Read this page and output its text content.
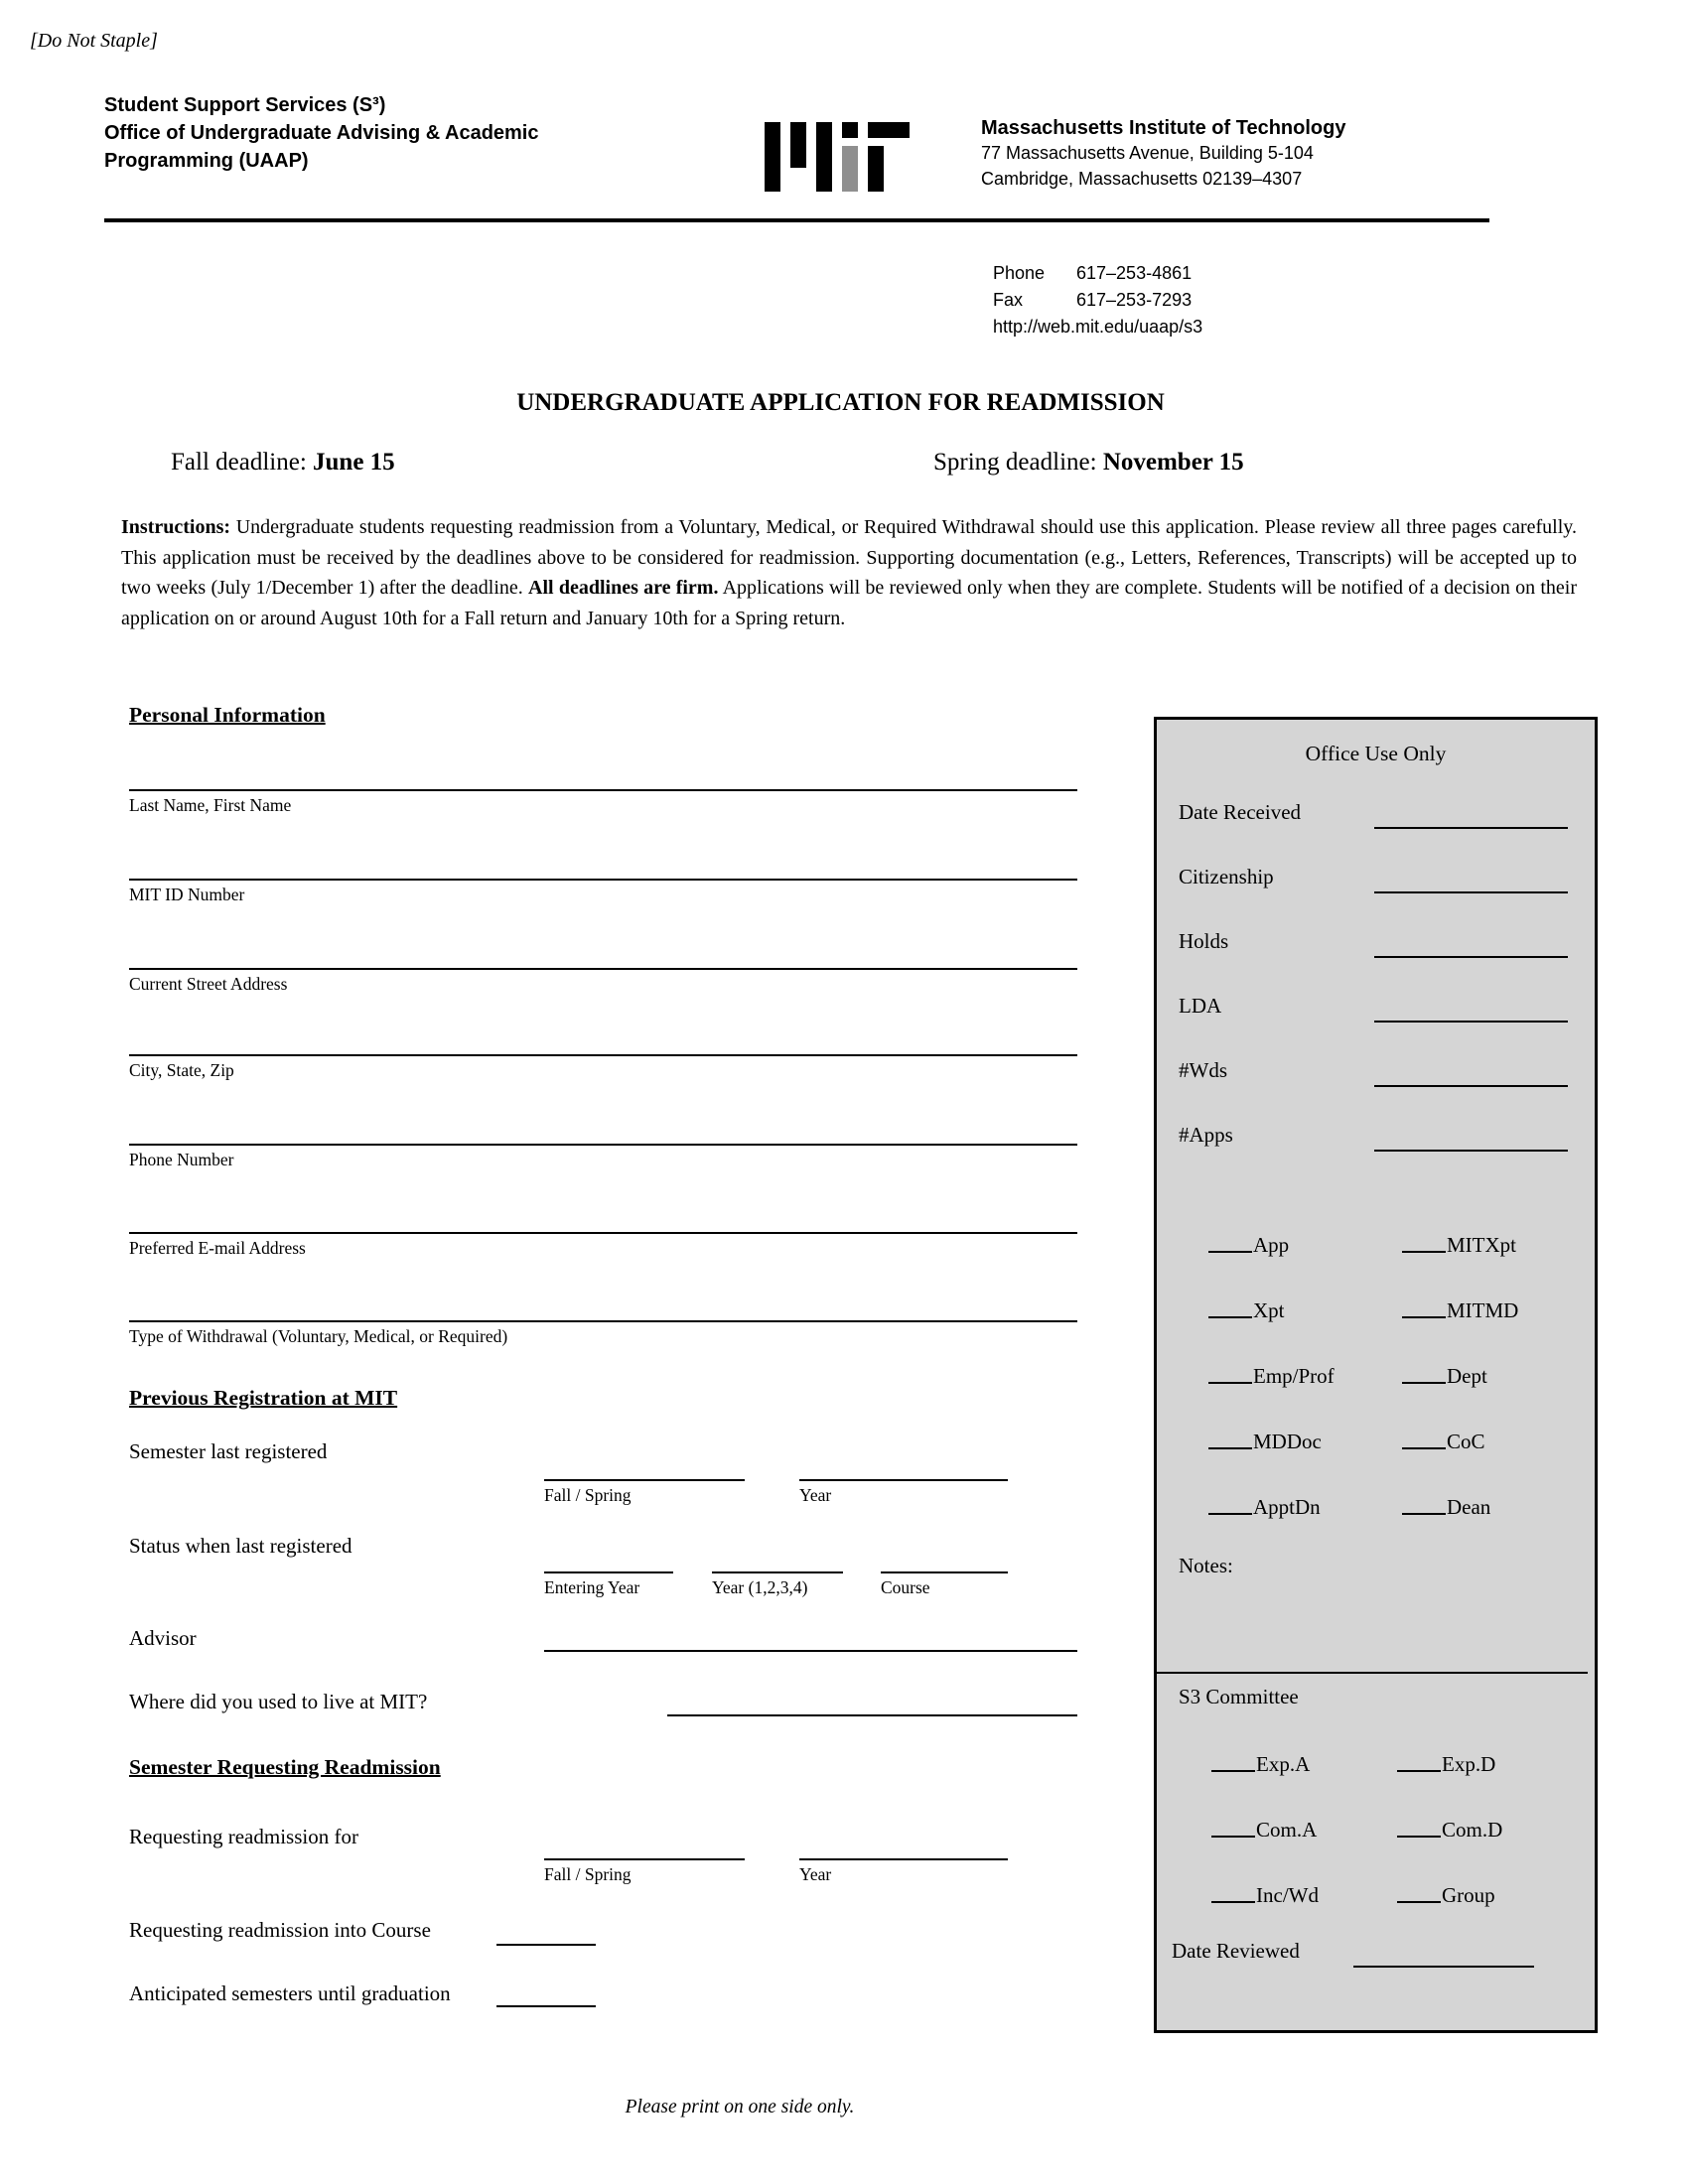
[Do Not Staple]
Student Support Services (S³)
Office of Undergraduate Advising & Academic
Programming (UAAP)
Massachusetts Institute of Technology
77 Massachusetts Avenue, Building 5-104
Cambridge, Massachusetts 02139–4307
Phone 617–253-4861
Fax	617–253-7293
http://web.mit.edu/uaap/s3
UNDERGRADUATE APPLICATION FOR READMISSION
Fall deadline: June 15	Spring deadline: November 15
Instructions: Undergraduate students requesting readmission from a Voluntary, Medical, or Required Withdrawal should use this application. Please review all three pages carefully. This application must be received by the deadlines above to be considered for readmission. Supporting documentation (e.g., Letters, References, Transcripts) will be accepted up to two weeks (July 1/December 1) after the deadline. All deadlines are firm. Applications will be reviewed only when they are complete. Students will be notified of a decision on their application on or around August 10th for a Fall return and January 10th for a Spring return.
Personal Information
Last Name, First Name
MIT ID Number
Current Street Address
City, State, Zip
Phone Number
Preferred E-mail Address
Type of Withdrawal (Voluntary, Medical, or Required)
Previous Registration at MIT
Semester last registered
Fall / Spring	Year
Status when last registered
Entering Year	Year (1,2,3,4)	Course
Advisor
Where did you used to live at MIT?
Semester Requesting Readmission
Requesting readmission for
Fall / Spring	Year
Requesting readmission into Course
Anticipated semesters until graduation
Office Use Only
Date Received
Citizenship
Holds
LDA
#Wds
#Apps
App	MITXpt
Xpt	MITMD
Emp/Prof	Dept
MDDoc	CoC
ApptDn	Dean
Notes:
S3 Committee
Exp.A	Exp.D
Com.A	Com.D
Inc/Wd	Group
Date Reviewed
Please print on one side only.
